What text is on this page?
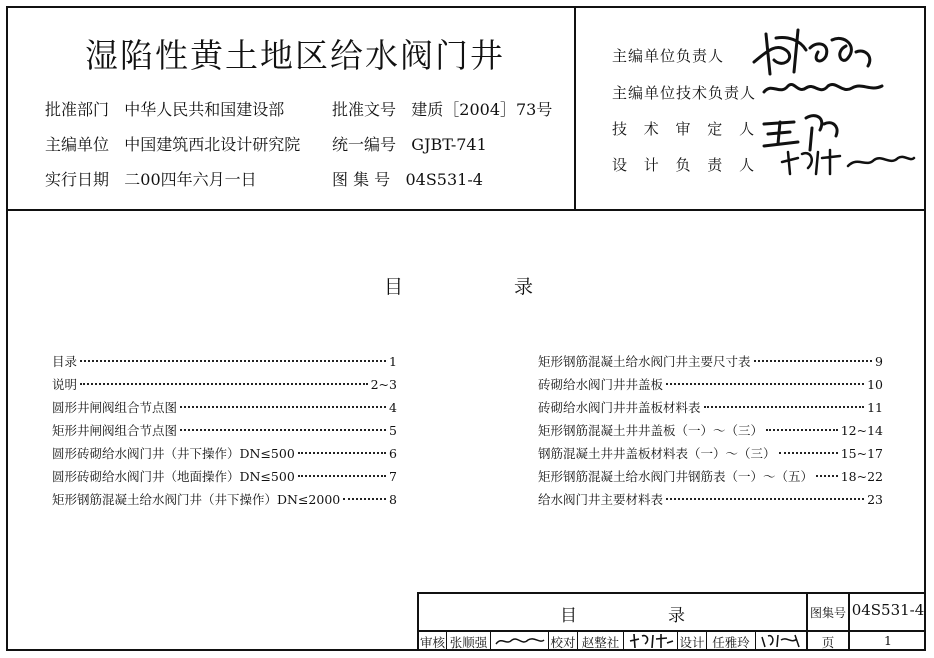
湿陷性黄土地区给水阀门井
批准部门 中华人民共和国建设部
主编单位 中国建筑西北设计研究院
实行日期 二00四年六月一日
批准文号 建质［2004］73号
统一编号 GJBT-741
图 集 号 04S531-4
主编单位负责人
主编单位技术负责人
技 术 审 定 人
设 计 负 责 人
目	录
目录	1
说明	2~3
圆形井闸阀组合节点图	4
矩形井闸阀组合节点图	5
圆形砖砌给水阀门井（井下操作）DN≤500	6
圆形砖砌给水阀门井（地面操作）DN≤500	7
矩形钢筋混凝土给水阀门井（井下操作）DN≤2000	8
矩形钢筋混凝土给水阀门井主要尺寸表	9
砖砌给水阀门井井盖板	10
砖砌给水阀门井井盖板材料表	11
矩形钢筋混凝土井井盖板（一）～（三）	12~14
钢筋混凝土井井盖板材料表（一）～（三）	15~17
矩形钢筋混凝土给水阀门井钢筋表（一）～（五） 18~22
给水阀门井主要材料表	23
目	录	图集号 04S531-4
审核 张顺强	校对 赵整社	设计 任雅玲	页	1
